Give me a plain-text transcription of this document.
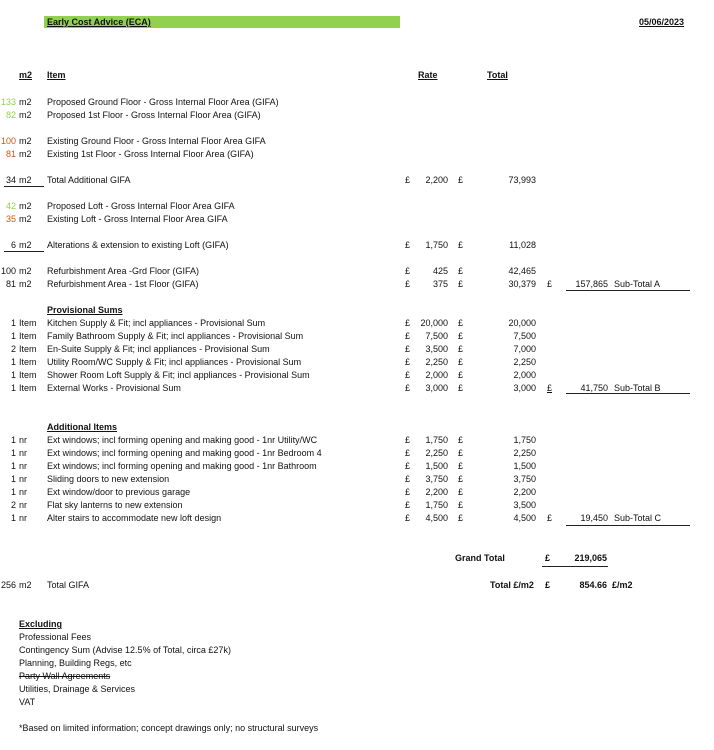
Early Cost Advice (ECA)	05/06/2023
m2 Item	Rate	Total
133 m2 Proposed Ground Floor - Gross Internal Floor Area (GIFA)
82 m2 Proposed 1st Floor - Gross Internal Floor Area (GIFA)
100 m2 Existing Ground Floor - Gross Internal Floor Area GIFA
81 m2 Existing 1st Floor - Gross Internal Floor Area (GIFA)
34 m2 Total Additional GIFA	£	2,200 £	73,993
42 m2 Proposed Loft - Gross Internal Floor Area GIFA
35 m2 Existing Loft - Gross Internal Floor Area GIFA
6 m2 Alterations & extension to existing Loft (GIFA)	£	1,750 £	11,028
100 m2 Refurbishment Area -Grd Floor (GIFA)	£	425 £	42,465
81 m2 Refurbishment Area - 1st Floor (GIFA)	£	375 £	30,379 £	157,865 Sub-Total A
Provisional Sums
1 Item Kitchen Supply & Fit; incl appliances - Provisional Sum	£	20,000 £	20,000
1 Item Family Bathroom Supply & Fit; incl appliances - Provisional Sum	£	7,500 £	7,500
2 Item En-Suite Supply & Fit; incl appliances - Provisional Sum	£	3,500 £	7,000
1 Item Utility Room/WC Supply & Fit; incl appliances - Provisional Sum	£	2,250 £	2,250
1 Item Shower Room Loft Supply & Fit; incl appliances - Provisional Sum	£	2,000 £	2,000
1 Item External Works - Provisional Sum	£	3,000 £	3,000 £	41,750 Sub-Total B
Additional Items
1 nr Ext windows; incl forming opening and making good - 1nr Utility/WC	£	1,750 £	1,750
1 nr Ext windows; incl forming opening and making good - 1nr Bedroom 4	£	2,250 £	2,250
1 nr Ext windows; incl forming opening and making good - 1nr Bathroom	£	1,500 £	1,500
1 nr Sliding doors to new extension	£	3,750 £	3,750
1 nr Ext window/door to previous garage	£	2,200 £	2,200
2 nr Flat sky lanterns to new extension	£	1,750 £	3,500
1 nr Alter stairs to accommodate new loft design	£	4,500 £	4,500 £	19,450 Sub-Total C
Grand Total	£	219,065
256 m2 Total GIFA	Total £/m2 £	854.66 £/m2
Excluding
Professional Fees
Contingency Sum (Advise 12.5% of Total, circa £27k)
Planning, Building Regs, etc
Party Wall Agreements
Utilities, Drainage & Services
VAT
*Based on limited information; concept drawings only; no structural surveys
